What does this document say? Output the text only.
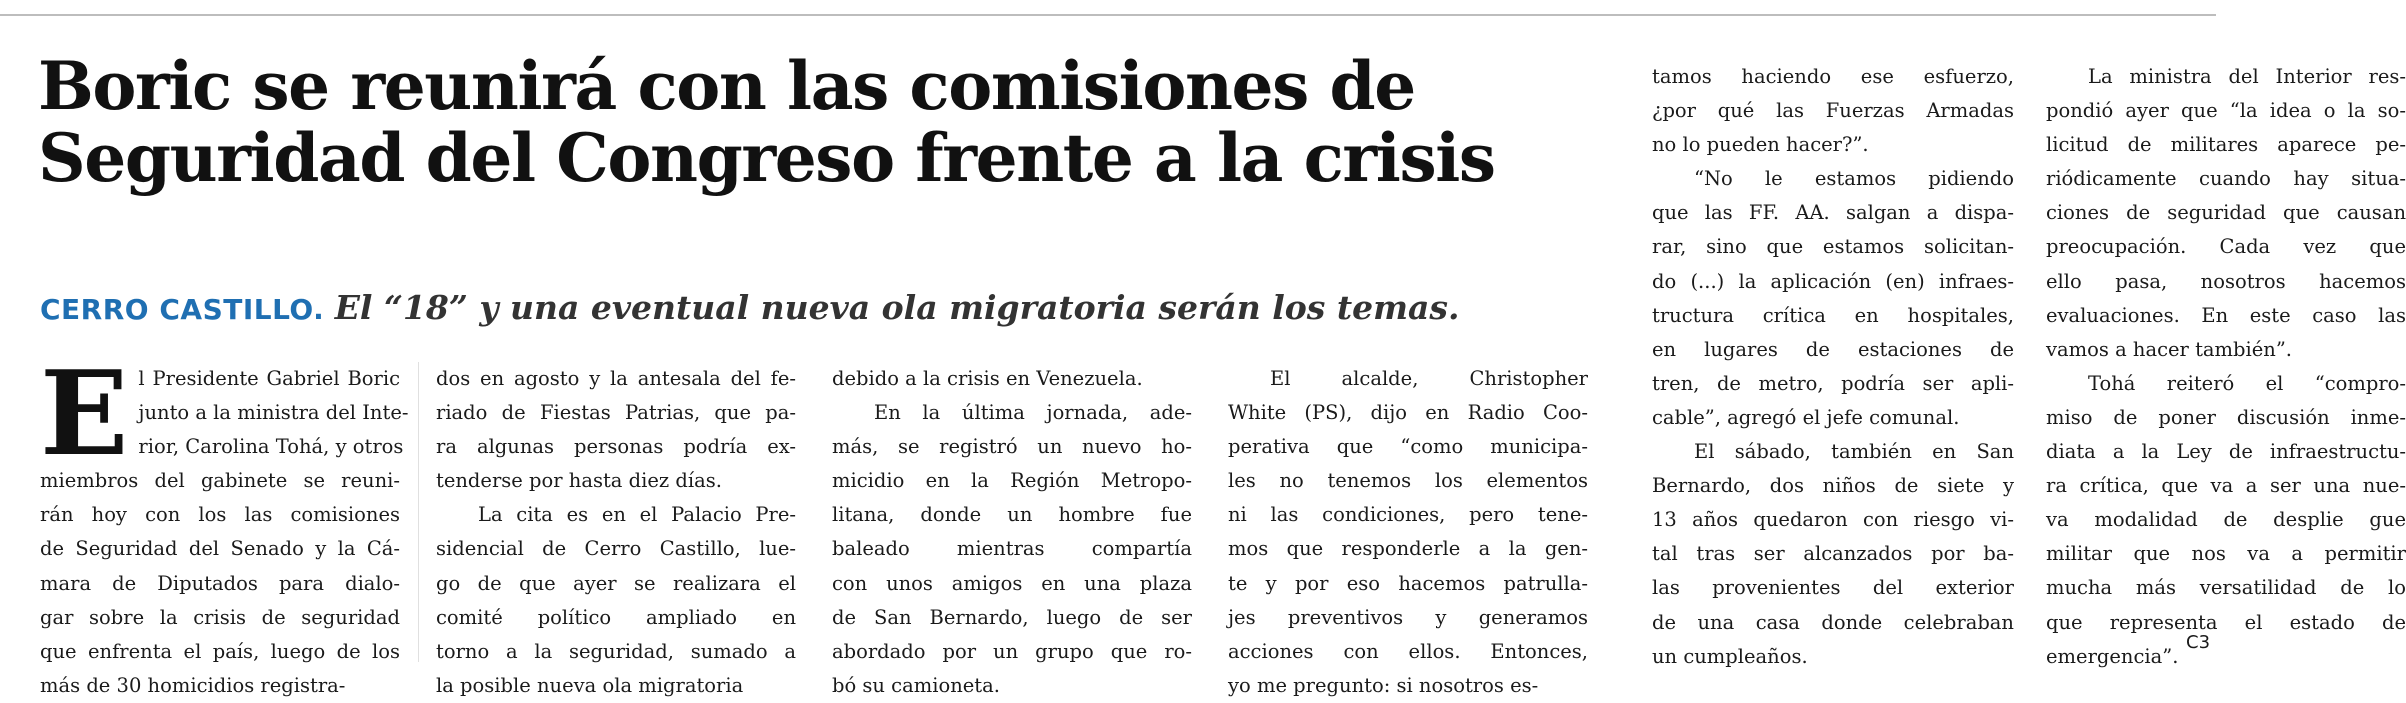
Boric se reunirá con las comisiones de
Seguridad del Congreso frente a la crisis
CERRO CASTILLO. El “18” y una eventual nueva ola migratoria serán los temas.
E l Presidente Gabriel Boric
junto a la ministra del Inte-
rior, Carolina Tohá, y otros
miembros del gabinete se reuni-
rán hoy con los las comisiones
de Seguridad del Senado y la Cá-
mara de Diputados para dialo-
gar sobre la crisis de seguridad
que enfrenta el país, luego de los
más de 30 homicidios registra-
dos en agosto y la antesala del fe-
riado de Fiestas Patrias, que pa-
ra algunas personas podría ex-
tenderse por hasta diez días.
La cita es en el Palacio Pre-
sidencial de Cerro Castillo, lue-
go de que ayer se realizara el
comité político ampliado en
torno a la seguridad, sumado a
la posible nueva ola migratoria
debido a la crisis en Venezuela.
En la última jornada, ade-
más, se registró un nuevo ho-
micidio en la Región Metropo-
litana, donde un hombre fue
baleado mientras compartía
con unos amigos en una plaza
de San Bernardo, luego de ser
abordado por un grupo que ro-
bó su camioneta.
El alcalde, Christopher
White (PS), dijo en Radio Coo-
perativa que “como municipa-
les no tenemos los elementos
ni las condiciones, pero tene-
mos que responderle a la gen-
te y por eso hacemos patrulla-
jes preventivos y generamos
acciones con ellos. Entonces,
yo me pregunto: si nosotros es-
tamos haciendo ese esfuerzo,
¿por qué las Fuerzas Armadas
no lo pueden hacer?”.
“No le estamos pidiendo
que las FF. AA. salgan a dispa-
rar, sino que estamos solicitan-
do (...) la aplicación (en) infraes-
tructura crítica en hospitales,
en lugares de estaciones de
tren, de metro, podría ser apli-
cable”, agregó el jefe comunal.
El sábado, también en San
Bernardo, dos niños de siete y
13 años quedaron con riesgo vi-
tal tras ser alcanzados por ba-
las provenientes del exterior
de una casa donde celebraban
un cumpleaños.
La ministra del Interior res-
pondió ayer que “la idea o la so-
licitud de militares aparece pe-
riódicamente cuando hay situa-
ciones de seguridad que causan
preocupación. Cada vez que
ello pasa, nosotros hacemos
evaluaciones. En este caso las
vamos a hacer también”.
Tohá reiteró el “compro-
miso de poner discusión inme-
diata a la Ley de infraestructu-
ra crítica, que va a ser una nue-
va modalidad de desplie gue
militar que nos va a permitir
mucha más versatilidad de lo
que representa el estado de
emergencia”.
C3
